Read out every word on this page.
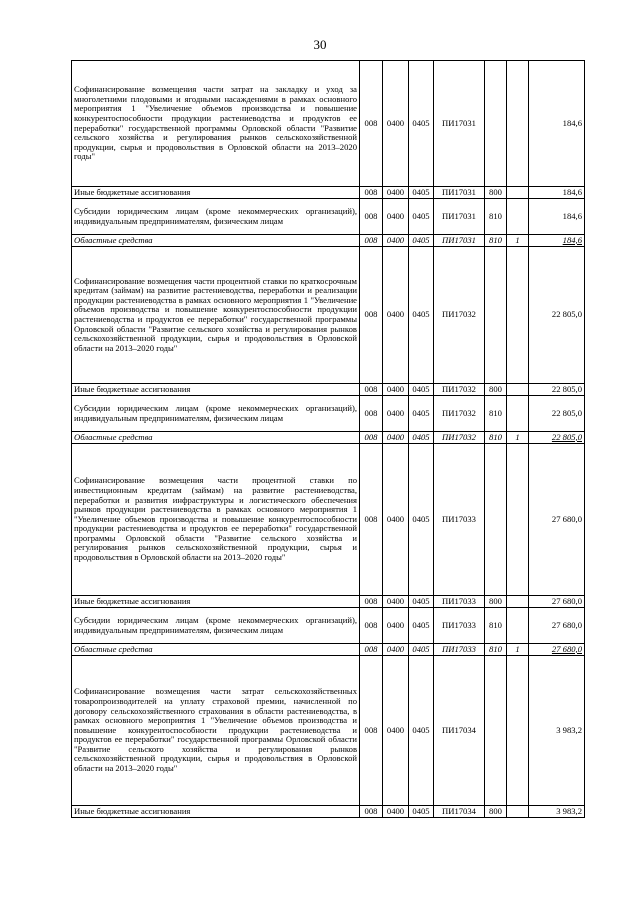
30
Софинансирование возмещения части затрат на закладку и уход за многолетними плодовыми и ягодными насаждениями в рамках основного мероприятия 1 "Увеличение объемов производства и повышение конкурентоспособности продукции растениеводства и продуктов ее переработки" государственной программы Орловской области "Развитие сельского хозяйства и регулирования рынков сельскохозяйственной продукции, сырья и продовольствия в Орловской области на 2013–2020 годы"	008	0400	0405	ПИ17031			184,6
Иные бюджетные ассигнования	008	0400	0405	ПИ17031	800		184,6
Субсидии юридическим лицам (кроме некоммерческих организаций), индивидуальным предпринимателям, физическим лицам	008	0400	0405	ПИ17031	810		184,6
Областные средства	008	0400	0405	ПИ17031	810	1	184,6
Софинансирование возмещения части процентной ставки по краткосрочным кредитам (займам) на развитие растениеводства, переработки и реализации продукции растениеводства в рамках основного мероприятия 1 "Увеличение объемов производства и повышение конкурентоспособности продукции растениеводства и продуктов ее переработки" государственной программы Орловской области "Развитие сельского хозяйства и регулирования рынков сельскохозяйственной продукции, сырья и продовольствия в Орловской области на 2013–2020 годы"	008	0400	0405	ПИ17032			22 805,0
Иные бюджетные ассигнования	008	0400	0405	ПИ17032	800		22 805,0
Субсидии юридическим лицам (кроме некоммерческих организаций), индивидуальным предпринимателям, физическим лицам	008	0400	0405	ПИ17032	810		22 805,0
Областные средства	008	0400	0405	ПИ17032	810	1	22 805,0
Софинансирование возмещения части процентной ставки по инвестиционным кредитам (займам) на развитие растениеводства, переработки и развития инфраструктуры и логистического обеспечения рынков продукции растениеводства в рамках основного мероприятия 1 "Увеличение объемов производства и повышение конкурентоспособности продукции растениеводства и продуктов ее переработки" государственной программы Орловской области "Развитие сельского хозяйства и регулирования рынков сельскохозяйственной продукции, сырья и продовольствия в Орловской области на 2013–2020 годы"	008	0400	0405	ПИ17033			27 680,0
Иные бюджетные ассигнования	008	0400	0405	ПИ17033	800		27 680,0
Субсидии юридическим лицам (кроме некоммерческих организаций), индивидуальным предпринимателям, физическим лицам	008	0400	0405	ПИ17033	810		27 680,0
Областные средства	008	0400	0405	ПИ17033	810	1	27 680,0
Софинансирование возмещения части затрат сельскохозяйственных товаропроизводителей на уплату страховой премии, начисленной по договору сельскохозяйственного страхования в области растениеводства, в рамках основного мероприятия 1 "Увеличение объемов производства и повышение конкурентоспособности продукции растениеводства и продуктов ее переработки" государственной программы Орловской области "Развитие сельского хозяйства и регулирования рынков сельскохозяйственной продукции, сырья и продовольствия в Орловской области на 2013–2020 годы"	008	0400	0405	ПИ17034			3 983,2
Иные бюджетные ассигнования	008	0400	0405	ПИ17034	800		3 983,2
